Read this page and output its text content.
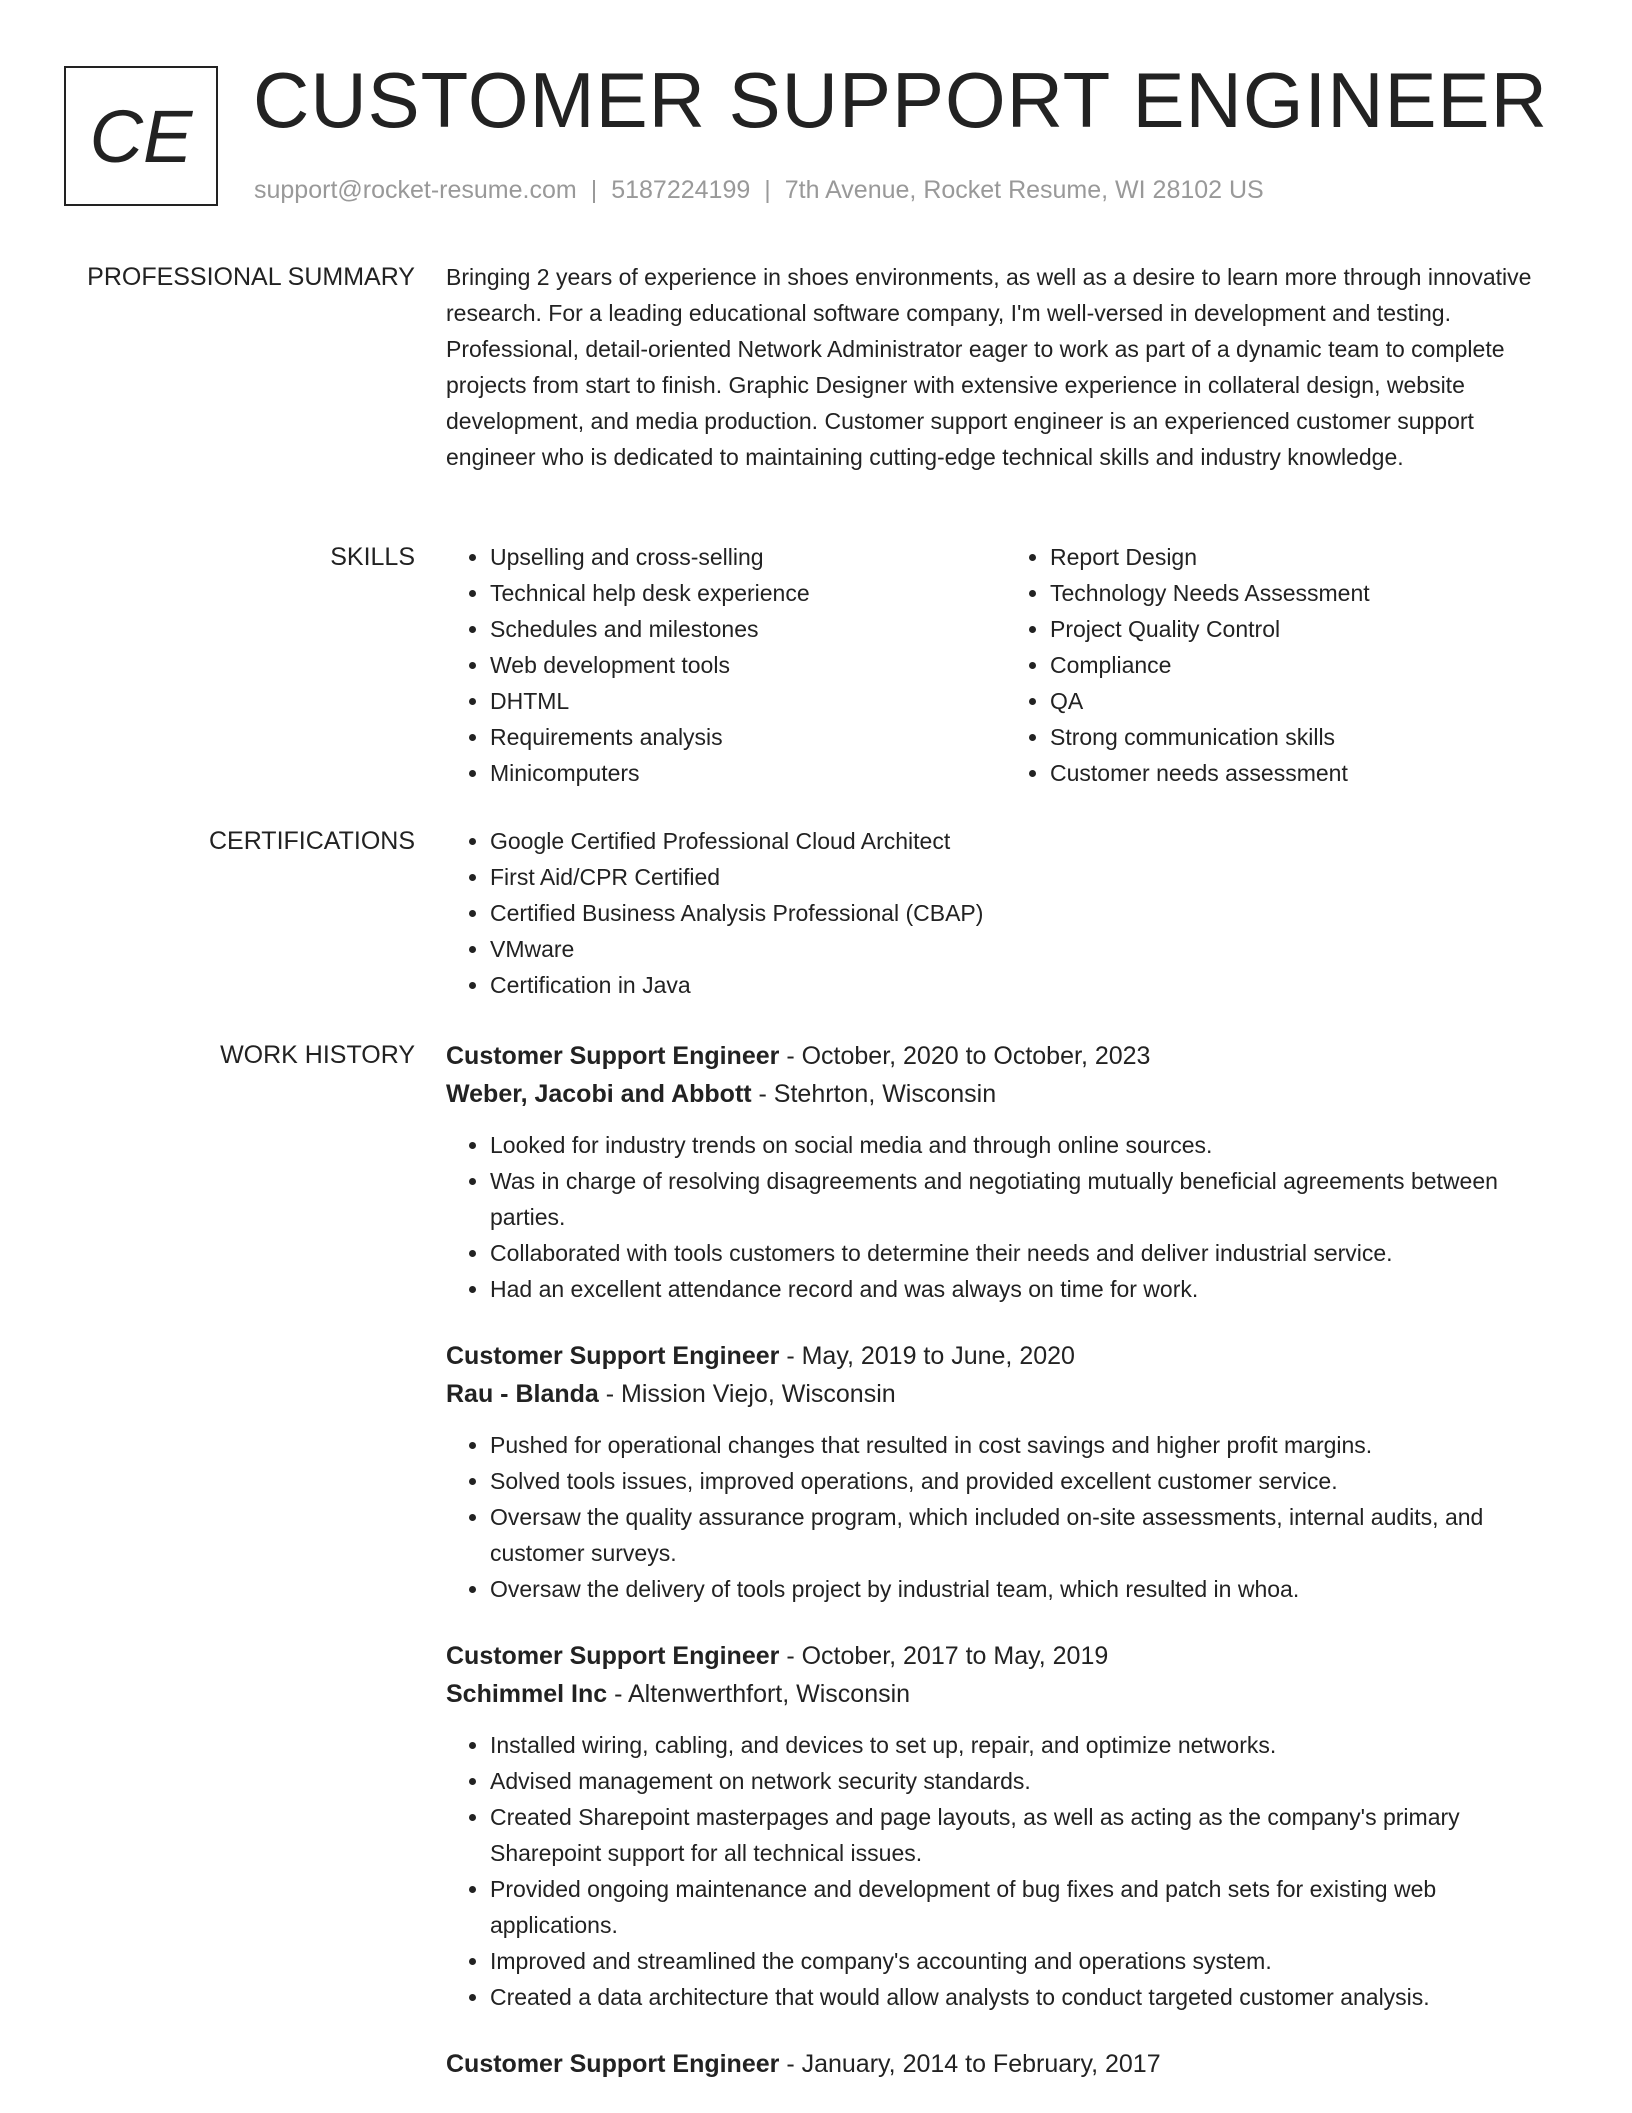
CE CUSTOMER SUPPORT ENGINEER
support@rocket-resume.com | 5187224199 | 7th Avenue, Rocket Resume, WI 28102 US
PROFESSIONAL SUMMARY Bringing 2 years of experience in shoes environments, as well as a desire to learn more through innovative research. For a leading educational software company, I'm well-versed in development and testing. Professional, detail-oriented Network Administrator eager to work as part of a dynamic team to complete projects from start to finish. Graphic Designer with extensive experience in collateral design, website development, and media production. Customer support engineer is an experienced customer support engineer who is dedicated to maintaining cutting-edge technical skills and industry knowledge.

SKILLS	• Upselling and cross-selling
• Technical help desk experience
• Schedules and milestones
• Web development tools
• DHTML
• Requirements analysis
• Minicomputers
• Report Design
• Technology Needs Assessment
• Project Quality Control
• Compliance
• QA
• Strong communication skills
• Customer needs assessment
CERTIFICATIONS	• Google Certified Professional Cloud Architect
• First Aid/CPR Certified
• Certified Business Analysis Professional (CBAP)
• VMware
• Certification in Java
WORK HISTORY Customer Support Engineer - October, 2020 to October, 2023
Weber, Jacobi and Abbott - Stehrton, Wisconsin
• Looked for industry trends on social media and through online sources.
• Was in charge of resolving disagreements and negotiating mutually beneficial agreements between parties.
• Collaborated with tools customers to determine their needs and deliver industrial service.
• Had an excellent attendance record and was always on time for work.
Customer Support Engineer - May, 2019 to June, 2020
Rau - Blanda - Mission Viejo, Wisconsin
• Pushed for operational changes that resulted in cost savings and higher profit margins.
• Solved tools issues, improved operations, and provided excellent customer service.
• Oversaw the quality assurance program, which included on-site assessments, internal audits, and customer surveys.
• Oversaw the delivery of tools project by industrial team, which resulted in whoa.
Customer Support Engineer - October, 2017 to May, 2019
Schimmel Inc - Altenwerthfort, Wisconsin
• Installed wiring, cabling, and devices to set up, repair, and optimize networks.
• Advised management on network security standards.
• Created Sharepoint masterpages and page layouts, as well as acting as the company's primary Sharepoint support for all technical issues.
• Provided ongoing maintenance and development of bug fixes and patch sets for existing web applications.
• Improved and streamlined the company's accounting and operations system.
• Created a data architecture that would allow analysts to conduct targeted customer analysis.
Customer Support Engineer - January, 2014 to February, 2017
